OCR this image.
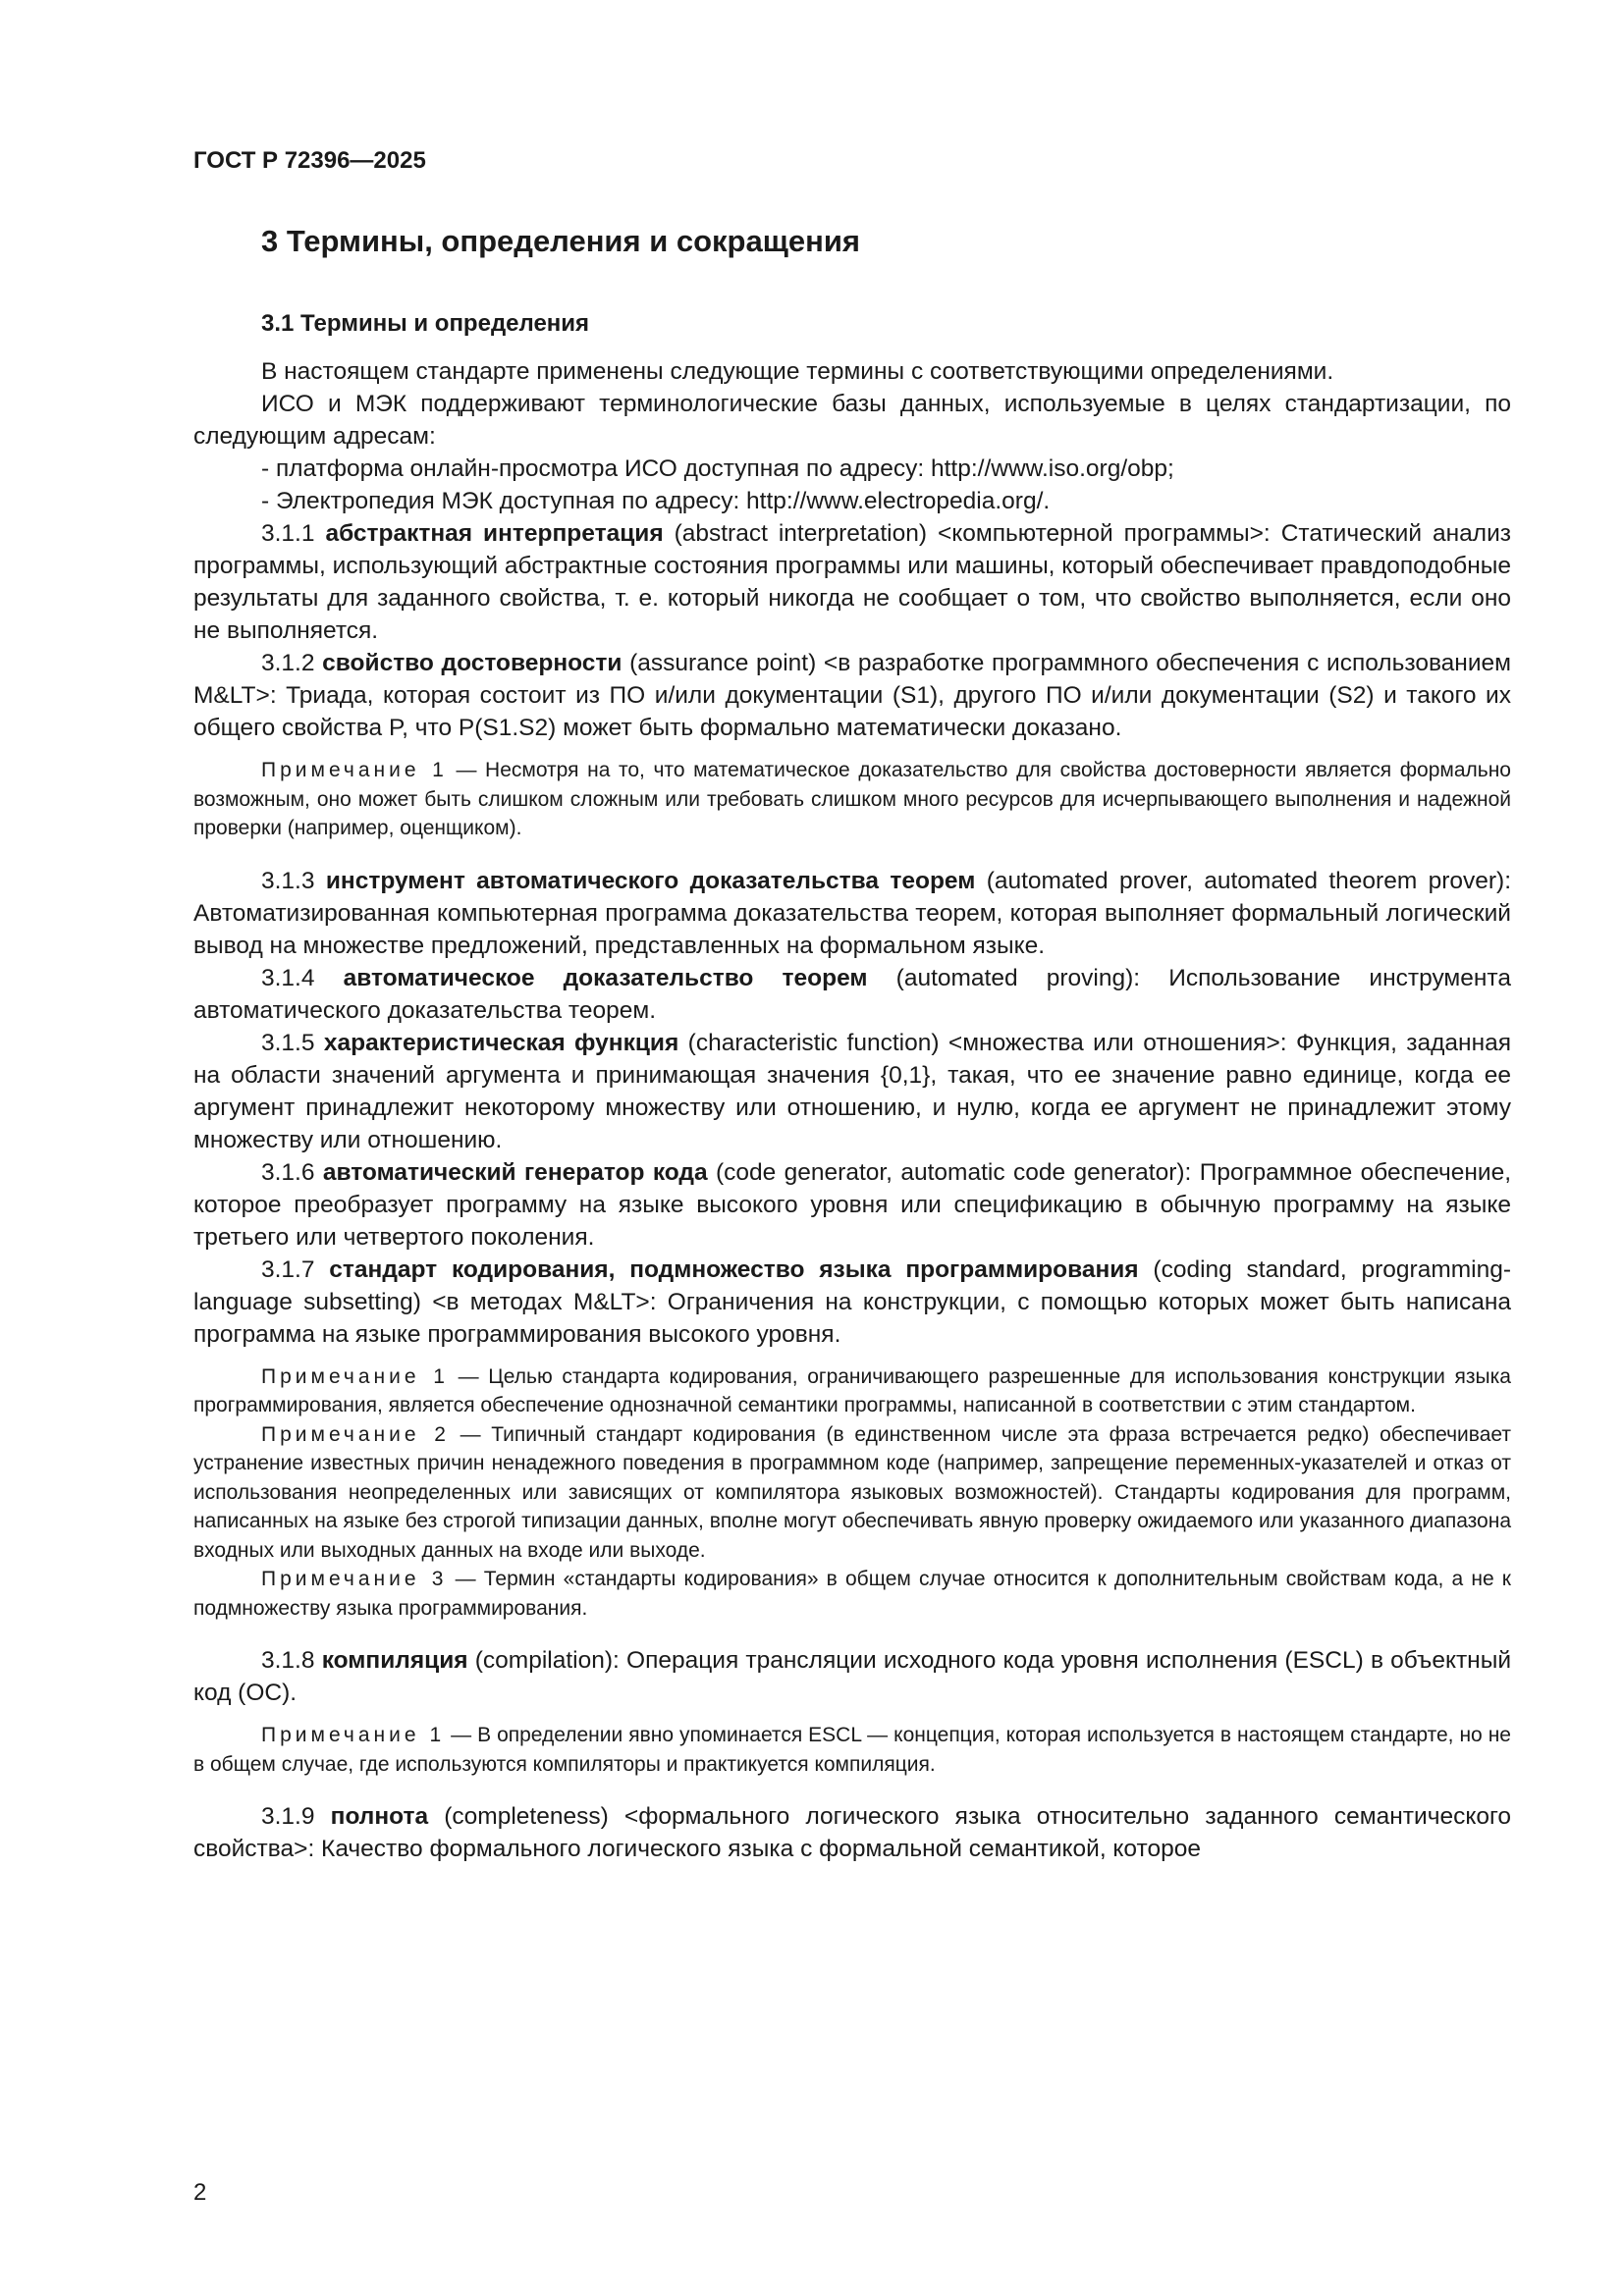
ГОСТ Р 72396—2025

3 Термины, определения и сокращения
3.1 Термины и определения

В настоящем стандарте применены следующие термины с соответствующими определениями.

ИСО и МЭК поддерживают терминологические базы данных, используемые в целях стандартизации, по следующим адресам:

- платформа онлайн-просмотра ИСО доступная по адресу: http://www.iso.org/obp;

- Электропедия МЭК доступная по адресу: http://www.electropedia.org/.

3.1.1 абстрактная интерпретация (abstract interpretation) <компьютерной программы>: Статический анализ программы, использующий абстрактные состояния программы или машины, который обеспечивает правдоподобные результаты для заданного свойства, т. е. который никогда не сообщает о том, что свойство выполняется, если оно не выполняется.

3.1.2 свойство достоверности (assurance point) <в разработке программного обеспечения с использованием M&LT>: Триада, которая состоит из ПО и/или документации (S1), другого ПО и/или документации (S2) и такого их общего свойства P, что P(S1.S2) может быть формально математически доказано.

Примечание 1 — Несмотря на то, что математическое доказательство для свойства достоверности является формально возможным, оно может быть слишком сложным или требовать слишком много ресурсов для исчерпывающего выполнения и надежной проверки (например, оценщиком).

3.1.3 инструмент автоматического доказательства теорем (automated prover, automated theorem prover): Автоматизированная компьютерная программа доказательства теорем, которая выполняет формальный логический вывод на множестве предложений, представленных на формальном языке.

3.1.4 автоматическое доказательство теорем (automated proving): Использование инструмента автоматического доказательства теорем.

3.1.5 характеристическая функция (characteristic function) <множества или отношения>: Функция, заданная на области значений аргумента и принимающая значения {0,1}, такая, что ее значение равно единице, когда ее аргумент принадлежит некоторому множеству или отношению, и нулю, когда ее аргумент не принадлежит этому множеству или отношению.

3.1.6 автоматический генератор кода (code generator, automatic code generator): Программное обеспечение, которое преобразует программу на языке высокого уровня или спецификацию в обычную программу на языке третьего или четвертого поколения.

3.1.7 стандарт кодирования, подмножество языка программирования (coding standard, programming-language subsetting) <в методах M&LT>: Ограничения на конструкции, с помощью которых может быть написана программа на языке программирования высокого уровня.

Примечание 1 — Целью стандарта кодирования, ограничивающего разрешенные для использования конструкции языка программирования, является обеспечение однозначной семантики программы, написанной в соответствии с этим стандартом.

Примечание 2 — Типичный стандарт кодирования (в единственном числе эта фраза встречается редко) обеспечивает устранение известных причин ненадежного поведения в программном коде (например, запрещение переменных-указателей и отказ от использования неопределенных или зависящих от компилятора языковых возможностей). Стандарты кодирования для программ, написанных на языке без строгой типизации данных, вполне могут обеспечивать явную проверку ожидаемого или указанного диапазона входных или выходных данных на входе или выходе.

Примечание 3 — Термин «стандарты кодирования» в общем случае относится к дополнительным свойствам кода, а не к подмножеству языка программирования.

3.1.8 компиляция (compilation): Операция трансляции исходного кода уровня исполнения (ESCL) в объектный код (OC).

Примечание 1 — В определении явно упоминается ESCL — концепция, которая используется в настоящем стандарте, но не в общем случае, где используются компиляторы и практикуется компиляция.

3.1.9 полнота (completeness) <формального логического языка относительно заданного семантического свойства>: Качество формального логического языка с формальной семантикой, которое

2
